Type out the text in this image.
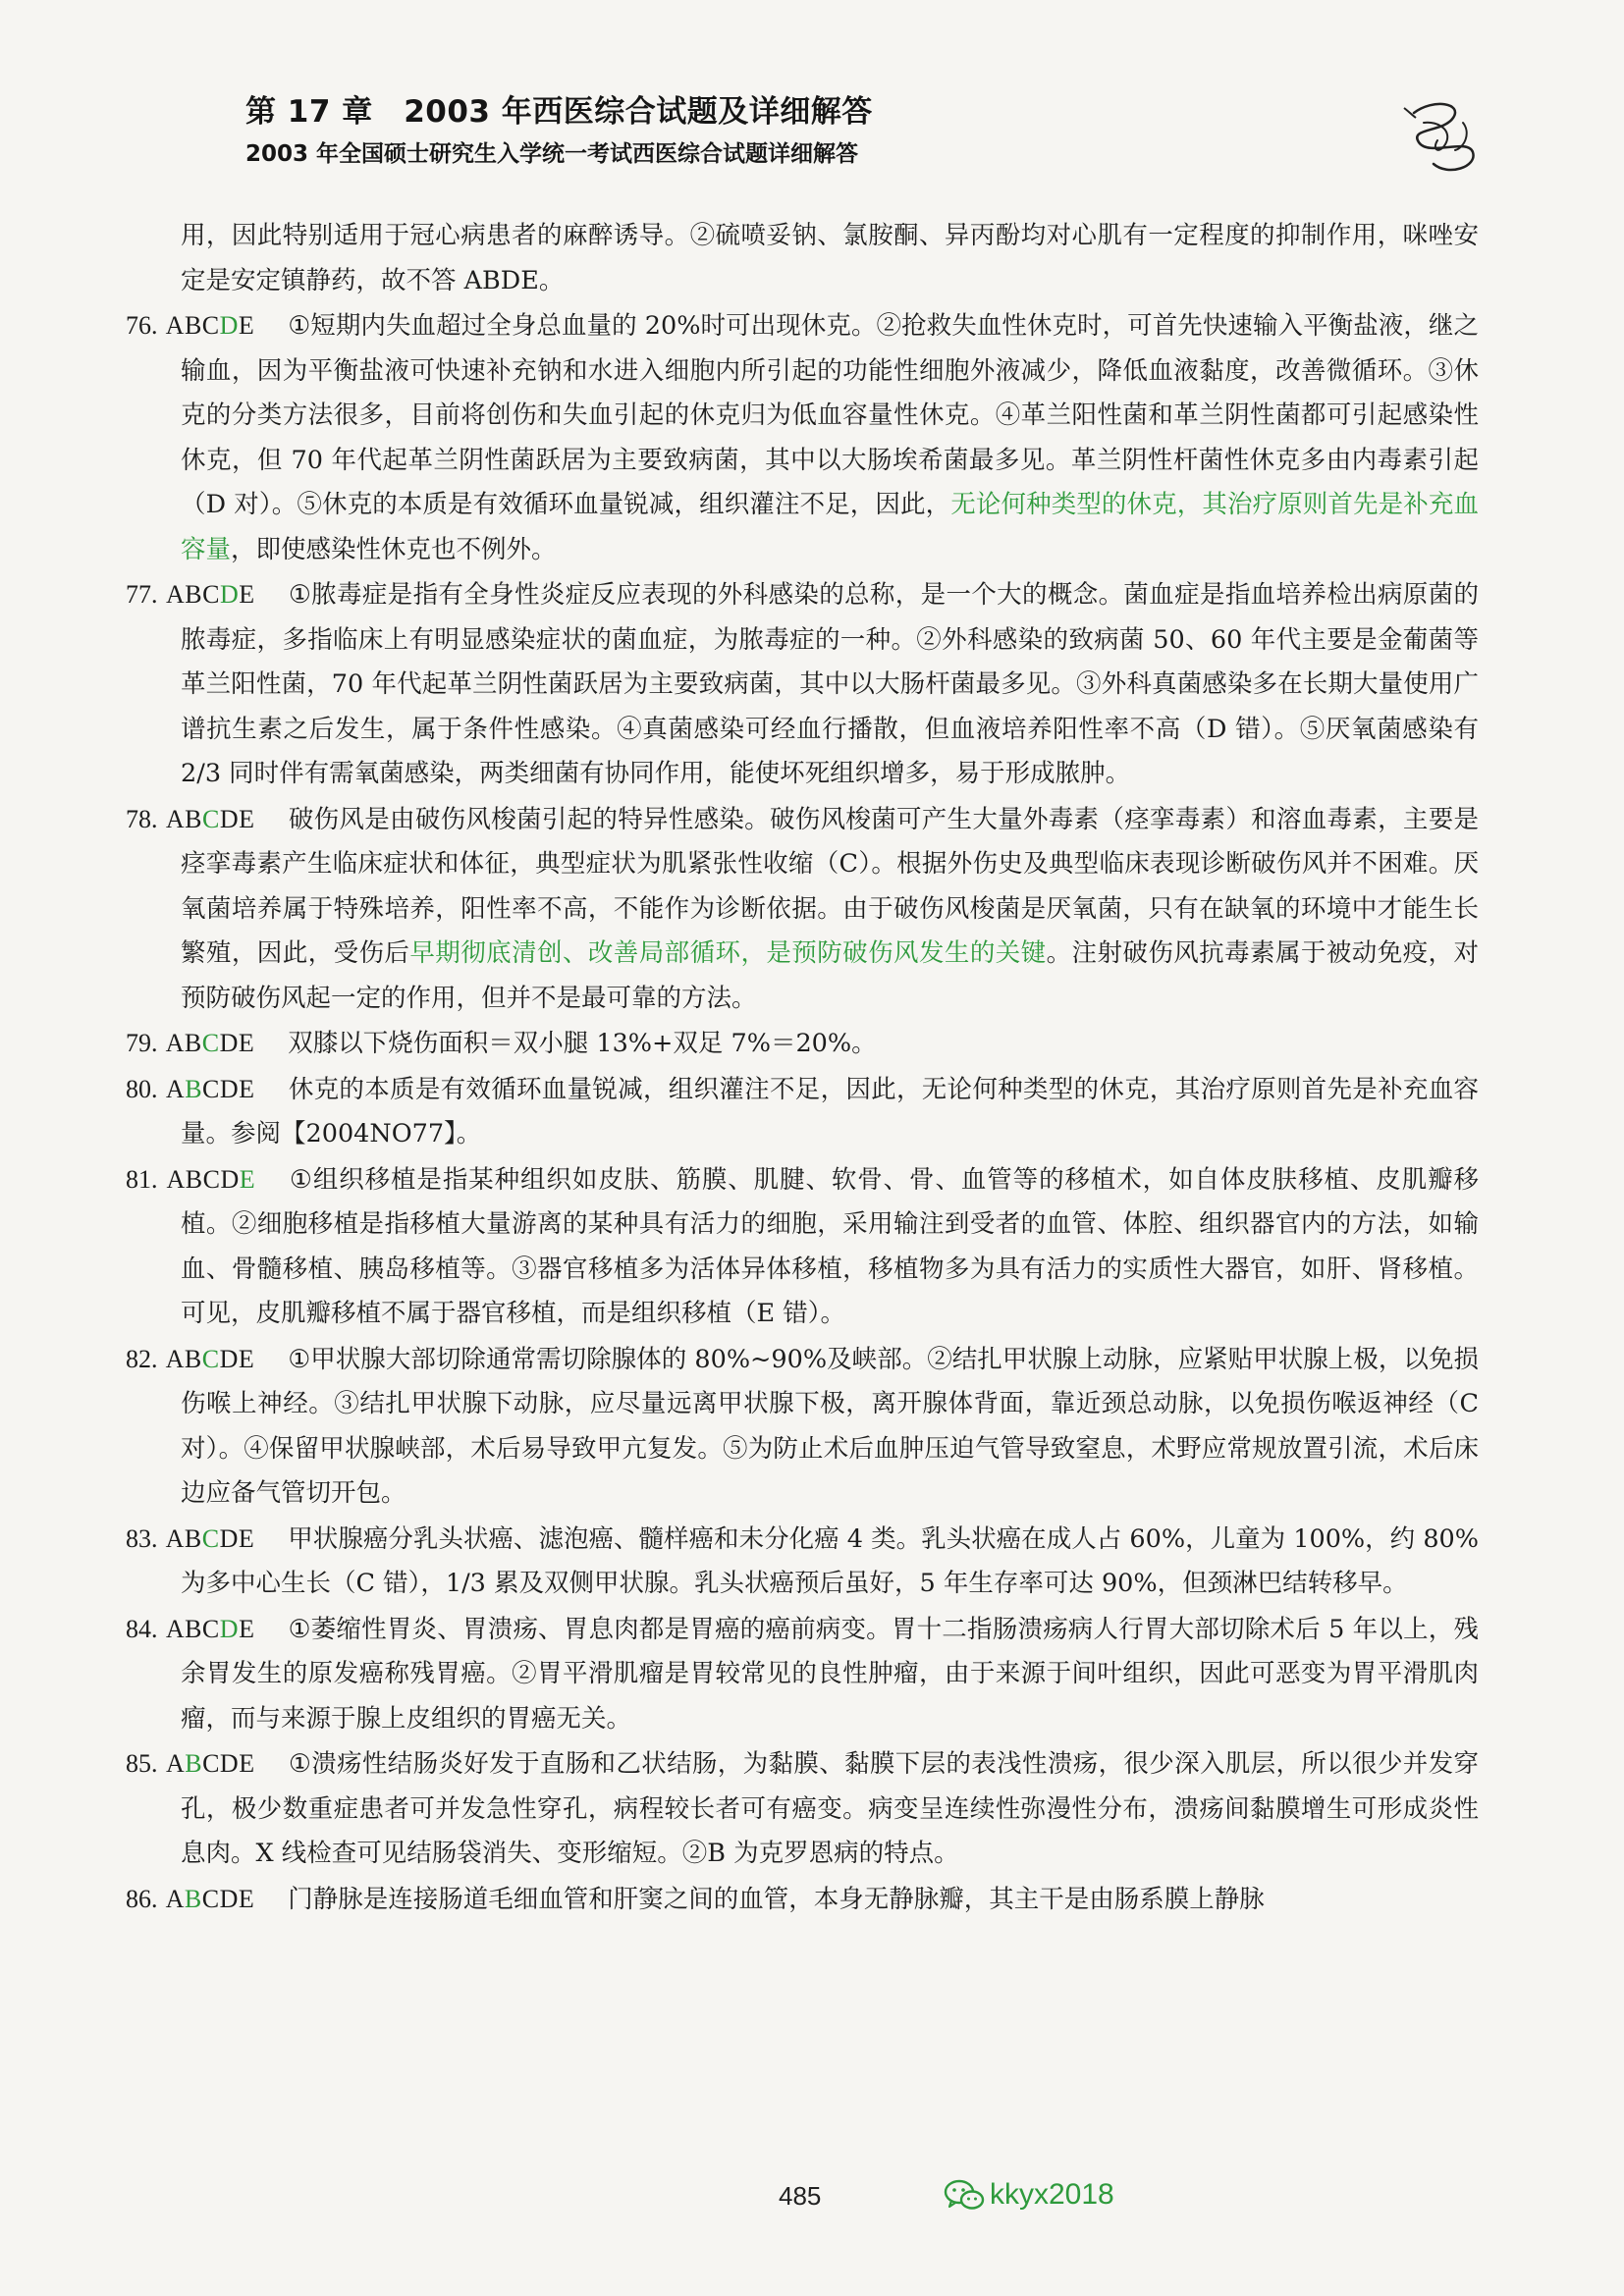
第 17 章　2003 年西医综合试题及详细解答
2003 年全国硕士研究生入学统一考试西医综合试题详细解答

用，因此特别适用于冠心病患者的麻醉诱导。②硫喷妥钠、氯胺酮、异丙酚均对心肌有一定程度的抑制作用，咪唑安定是安定镇静药，故不答 ABDE。

76. ABCDE ①短期内失血超过全身总血量的 20%时可出现休克。②抢救失血性休克时，可首先快速输入平衡盐液，继之输血，因为平衡盐液可快速补充钠和水进入细胞内所引起的功能性细胞外液减少，降低血液黏度，改善微循环。③休克的分类方法很多，目前将创伤和失血引起的休克归为低血容量性休克。④革兰阳性菌和革兰阴性菌都可引起感染性休克，但 70 年代起革兰阴性菌跃居为主要致病菌，其中以大肠埃希菌最多见。革兰阴性杆菌性休克多由内毒素引起（D 对）。⑤休克的本质是有效循环血量锐减，组织灌注不足，因此，无论何种类型的休克，其治疗原则首先是补充血容量，即使感染性休克也不例外。

77. ABCDE ①脓毒症是指有全身性炎症反应表现的外科感染的总称，是一个大的概念。菌血症是指血培养检出病原菌的脓毒症，多指临床上有明显感染症状的菌血症，为脓毒症的一种。②外科感染的致病菌 50、60 年代主要是金葡菌等革兰阳性菌，70 年代起革兰阴性菌跃居为主要致病菌，其中以大肠杆菌最多见。③外科真菌感染多在长期大量使用广谱抗生素之后发生，属于条件性感染。④真菌感染可经血行播散，但血液培养阳性率不高（D 错）。⑤厌氧菌感染有 2/3 同时伴有需氧菌感染，两类细菌有协同作用，能使坏死组织增多，易于形成脓肿。

78. ABCDE 破伤风是由破伤风梭菌引起的特异性感染。破伤风梭菌可产生大量外毒素（痉挛毒素）和溶血毒素，主要是痉挛毒素产生临床症状和体征，典型症状为肌紧张性收缩（C）。根据外伤史及典型临床表现诊断破伤风并不困难。厌氧菌培养属于特殊培养，阳性率不高，不能作为诊断依据。由于破伤风梭菌是厌氧菌，只有在缺氧的环境中才能生长繁殖，因此，受伤后早期彻底清创、改善局部循环，是预防破伤风发生的关键。注射破伤风抗毒素属于被动免疫，对预防破伤风起一定的作用，但并不是最可靠的方法。

79. ABCDE 双膝以下烧伤面积＝双小腿 13%+双足 7%＝20%。

80. ABCDE 休克的本质是有效循环血量锐减，组织灌注不足，因此，无论何种类型的休克，其治疗原则首先是补充血容量。参阅【2004NO77】。

81. ABCDE ①组织移植是指某种组织如皮肤、筋膜、肌腱、软骨、骨、血管等的移植术，如自体皮肤移植、皮肌瓣移植。②细胞移植是指移植大量游离的某种具有活力的细胞，采用输注到受者的血管、体腔、组织器官内的方法，如输血、骨髓移植、胰岛移植等。③器官移植多为活体异体移植，移植物多为具有活力的实质性大器官，如肝、肾移植。可见，皮肌瓣移植不属于器官移植，而是组织移植（E 错）。

82. ABCDE ①甲状腺大部切除通常需切除腺体的 80%~90%及峡部。②结扎甲状腺上动脉，应紧贴甲状腺上极，以免损伤喉上神经。③结扎甲状腺下动脉，应尽量远离甲状腺下极，离开腺体背面，靠近颈总动脉，以免损伤喉返神经（C 对）。④保留甲状腺峡部，术后易导致甲亢复发。⑤为防止术后血肿压迫气管导致窒息，术野应常规放置引流，术后床边应备气管切开包。

83. ABCDE 甲状腺癌分乳头状癌、滤泡癌、髓样癌和未分化癌 4 类。乳头状癌在成人占 60%，儿童为 100%，约 80%为多中心生长（C 错），1/3 累及双侧甲状腺。乳头状癌预后虽好，5 年生存率可达 90%，但颈淋巴结转移早。

84. ABCDE ①萎缩性胃炎、胃溃疡、胃息肉都是胃癌的癌前病变。胃十二指肠溃疡病人行胃大部切除术后 5 年以上，残余胃发生的原发癌称残胃癌。②胃平滑肌瘤是胃较常见的良性肿瘤，由于来源于间叶组织，因此可恶变为胃平滑肌肉瘤，而与来源于腺上皮组织的胃癌无关。

85. ABCDE ①溃疡性结肠炎好发于直肠和乙状结肠，为黏膜、黏膜下层的表浅性溃疡，很少深入肌层，所以很少并发穿孔，极少数重症患者可并发急性穿孔，病程较长者可有癌变。病变呈连续性弥漫性分布，溃疡间黏膜增生可形成炎性息肉。X 线检查可见结肠袋消失、变形缩短。②B 为克罗恩病的特点。

86. ABCDE 门静脉是连接肠道毛细血管和肝窦之间的血管，本身无静脉瓣，其主干是由肠系膜上静脉

485	kkyx2018
